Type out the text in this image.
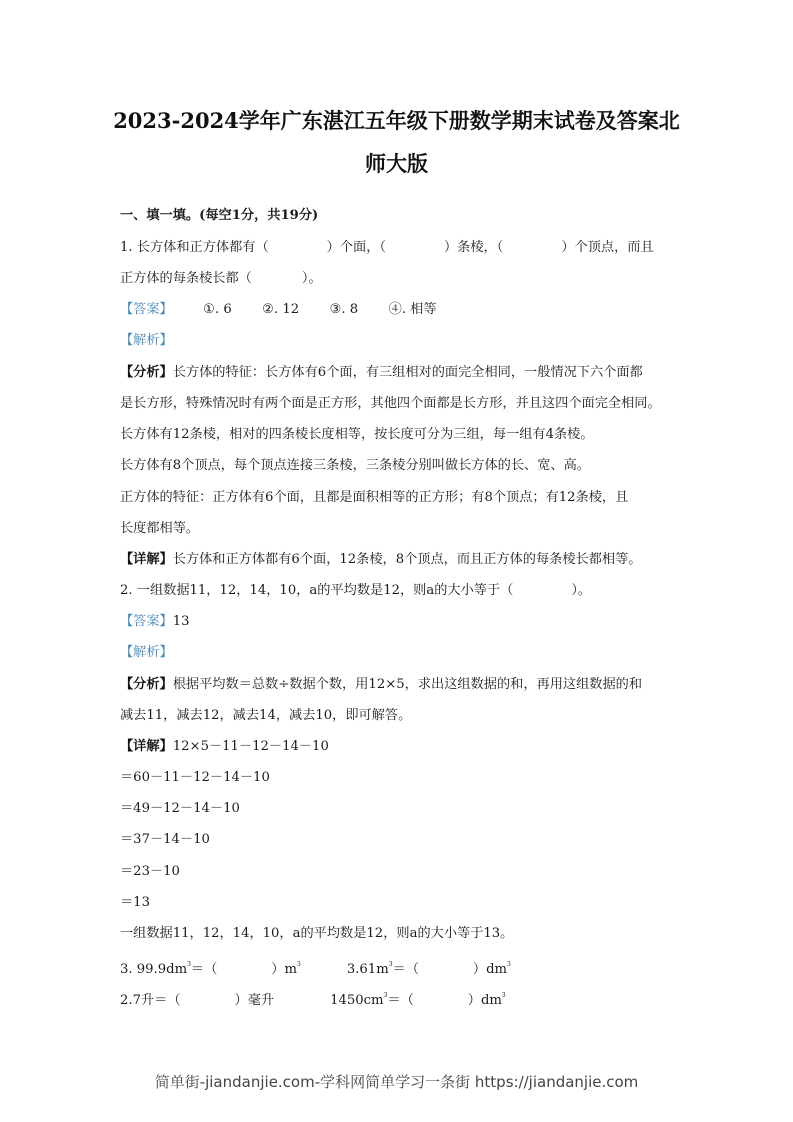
2023-2024学年广东湛江五年级下册数学期末试卷及答案北
师大版
一、填一填。(每空1分，共19分)
1. 长方体和正方体都有（	）个面，（	）条棱，（	）个顶点，而且
正方体的每条棱长都（	）。
【答案】 ①. 6 ②. 12 ③. 8 ④. 相等
【解析】
【分析】长方体的特征：长方体有6个面，有三组相对的面完全相同，一般情况下六个面都
是长方形，特殊情况时有两个面是正方形，其他四个面都是长方形，并且这四个面完全相同。
长方体有12条棱，相对的四条棱长度相等，按长度可分为三组，每一组有4条棱。
长方体有8个顶点，每个顶点连接三条棱，三条棱分别叫做长方体的长、宽、高。
正方体的特征：正方体有6个面，且都是面积相等的正方形；有8个顶点；有12条棱，且
长度都相等。
【详解】长方体和正方体都有6个面，12条棱，8个顶点，而且正方体的每条棱长都相等。
2. 一组数据11，12，14，10，a的平均数是12，则a的大小等于（	）。
【答案】13
【解析】
【分析】根据平均数＝总数÷数据个数，用12×5，求出这组数据的和，再用这组数据的和
减去11，减去12，减去14，减去10，即可解答。
【详解】12×5－11－12－14－10
＝60－11－12－14－10
＝49－12－14－10
＝37－14－10
＝23－10
＝13
一组数据11，12，14，10，a的平均数是12，则a的大小等于13。
3. $99.9dm^3=$（	）$m^3$	$3.61m^3=$（	）$dm^3$
2.7升＝（	）毫升	$1450cm^3=$（	）$dm^3$
简单街-jiandanjie.com-学科网简单学习一条街 https://jiandanjie.com
